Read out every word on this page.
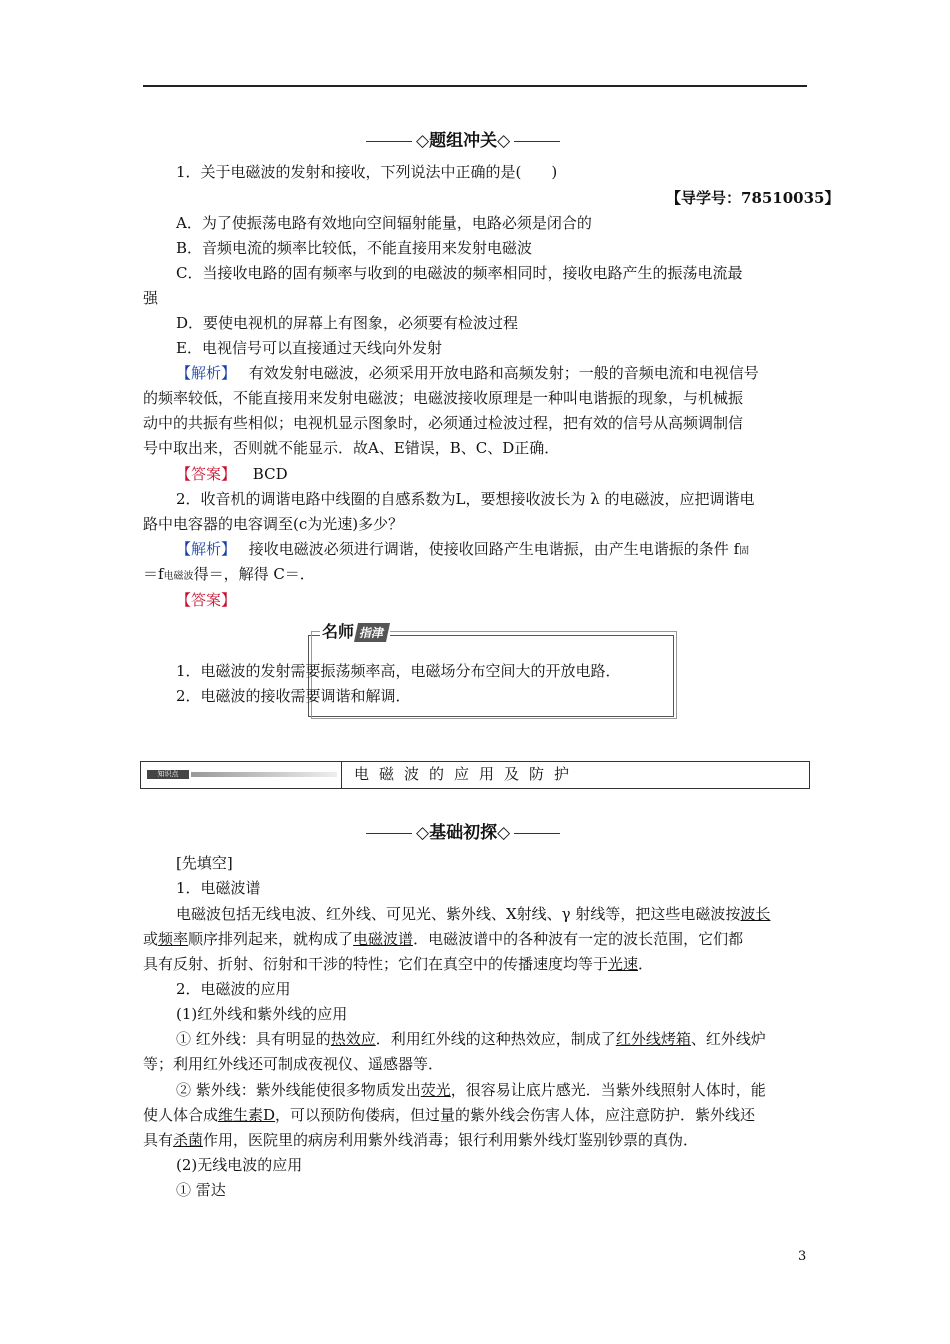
◇题组冲关◇
1．关于电磁波的发射和接收，下列说法中正确的是(　　)
【导学号：78510035】
A．为了使振荡电路有效地向空间辐射能量，电路必须是闭合的
B．音频电流的频率比较低，不能直接用来发射电磁波
C．当接收电路的固有频率与收到的电磁波的频率相同时，接收电路产生的振荡电流最
强
D．要使电视机的屏幕上有图象，必须要有检波过程
E．电视信号可以直接通过天线向外发射
【解析】 有效发射电磁波，必须采用开放电路和高频发射；一般的音频电流和电视信号
的频率较低，不能直接用来发射电磁波；电磁波接收原理是一种叫电谐振的现象，与机械振
动中的共振有些相似；电视机显示图象时，必须通过检波过程，把有效的信号从高频调制信
号中取出来，否则就不能显示．故A、E错误，B、C、D正确．
【答案】 BCD
2．收音机的调谐电路中线圈的自感系数为L，要想接收波长为 λ 的电磁波，应把调谐电
路中电容器的电容调至(c为光速)多少？
【解析】 接收电磁波必须进行调谐，使接收回路产生电谐振，由产生电谐振的条件 f固
＝f电磁波得＝，解得 C＝．
【答案】
名师 指津
1．电磁波的发射需要振荡频率高，电磁场分布空间大的开放电路．
2．电磁波的接收需要调谐和解调．
知识点	电磁波的应用及防护
◇基础初探◇
[先填空]
1．电磁波谱
电磁波包括无线电波、红外线、可见光、紫外线、X射线、γ 射线等，把这些电磁波按波长
或频率顺序排列起来，就构成了电磁波谱．电磁波谱中的各种波有一定的波长范围，它们都
具有反射、折射、衍射和干涉的特性；它们在真空中的传播速度均等于光速．
2．电磁波的应用
(1)红外线和紫外线的应用
① 红外线：具有明显的热效应．利用红外线的这种热效应，制成了红外线烤箱、红外线炉
等；利用红外线还可制成夜视仪、遥感器等．
② 紫外线：紫外线能使很多物质发出荧光，很容易让底片感光．当紫外线照射人体时，能
使人体合成维生素D，可以预防佝偻病，但过量的紫外线会伤害人体，应注意防护．紫外线还
具有杀菌作用，医院里的病房利用紫外线消毒；银行利用紫外线灯鉴别钞票的真伪．
(2)无线电波的应用
① 雷达
3
